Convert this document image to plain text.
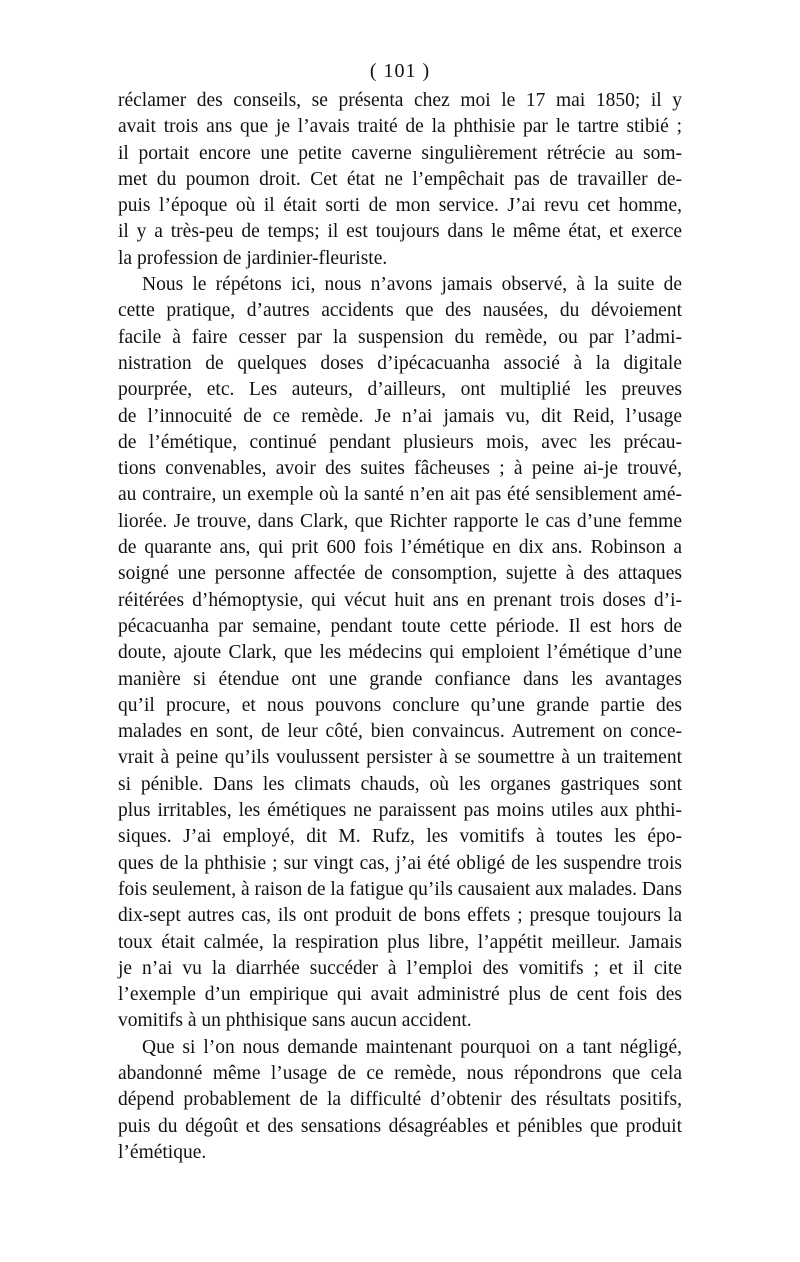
( 101 )
réclamer des conseils, se présenta chez moi le 17 mai 1850; il y
avait trois ans que je l’avais traité de la phthisie par le tartre stibié ;
il portait encore une petite caverne singulièrement rétrécie au som-
met du poumon droit. Cet état ne l’empêchait pas de travailler de-
puis l’époque où il était sorti de mon service. J’ai revu cet homme,
il y a très-peu de temps; il est toujours dans le même état, et exerce
la profession de jardinier-fleuriste.
Nous le répétons ici, nous n’avons jamais observé, à la suite de
cette pratique, d’autres accidents que des nausées, du dévoiement
facile à faire cesser par la suspension du remède, ou par l’admi-
nistration de quelques doses d’ipécacuanha associé à la digitale
pourprée, etc. Les auteurs, d’ailleurs, ont multiplié les preuves
de l’innocuité de ce remède. Je n’ai jamais vu, dit Reid, l’usage
de l’émétique, continué pendant plusieurs mois, avec les précau-
tions convenables, avoir des suites fâcheuses ; à peine ai-je trouvé,
au contraire, un exemple où la santé n’en ait pas été sensiblement amé-
liorée. Je trouve, dans Clark, que Richter rapporte le cas d’une femme
de quarante ans, qui prit 600 fois l’émétique en dix ans. Robinson a
soigné une personne affectée de consomption, sujette à des attaques
réitérées d’hémoptysie, qui vécut huit ans en prenant trois doses d’i-
pécacuanha par semaine, pendant toute cette période. Il est hors de
doute, ajoute Clark, que les médecins qui emploient l’émétique d’une
manière si étendue ont une grande confiance dans les avantages
qu’il procure, et nous pouvons conclure qu’une grande partie des
malades en sont, de leur côté, bien convaincus. Autrement on conce-
vrait à peine qu’ils voulussent persister à se soumettre à un traitement
si pénible. Dans les climats chauds, où les organes gastriques sont
plus irritables, les émétiques ne paraissent pas moins utiles aux phthi-
siques. J’ai employé, dit M. Rufz, les vomitifs à toutes les épo-
ques de la phthisie ; sur vingt cas, j’ai été obligé de les suspendre trois
fois seulement, à raison de la fatigue qu’ils causaient aux malades. Dans
dix-sept autres cas, ils ont produit de bons effets ; presque toujours la
toux était calmée, la respiration plus libre, l’appétit meilleur. Jamais
je n’ai vu la diarrhée succéder à l’emploi des vomitifs ; et il cite
l’exemple d’un empirique qui avait administré plus de cent fois des
vomitifs à un phthisique sans aucun accident.
Que si l’on nous demande maintenant pourquoi on a tant négligé,
abandonné même l’usage de ce remède, nous répondrons que cela
dépend probablement de la difficulté d’obtenir des résultats positifs,
puis du dégoût et des sensations désagréables et pénibles que produit
l’émétique.
